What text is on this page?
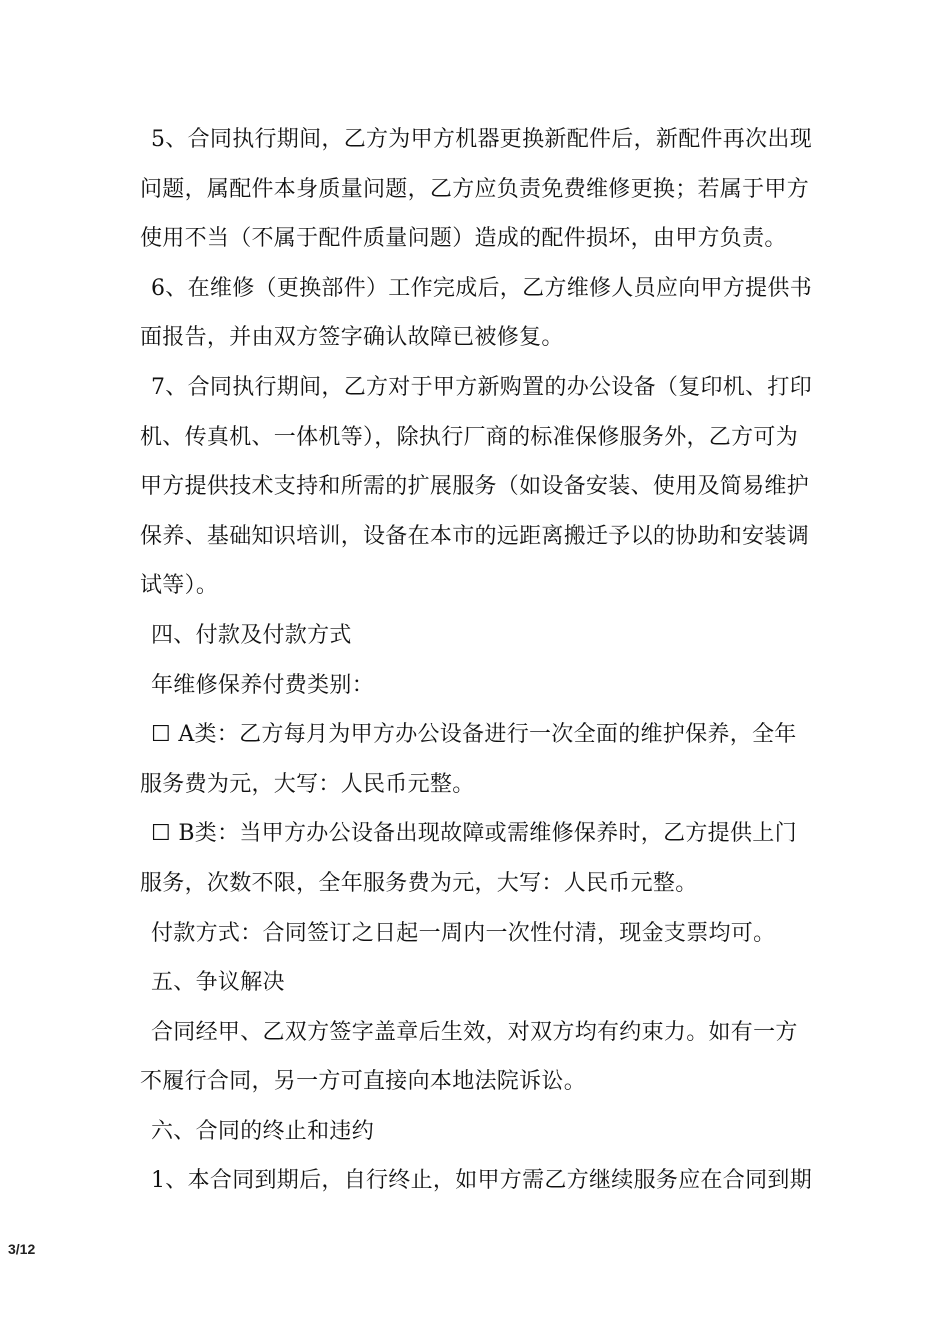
5、合同执行期间，乙方为甲方机器更换新配件后，新配件再次出现
问题，属配件本身质量问题，乙方应负责免费维修更换；若属于甲方
使用不当（不属于配件质量问题）造成的配件损坏，由甲方负责。
6、在维修（更换部件）工作完成后，乙方维修人员应向甲方提供书
面报告，并由双方签字确认故障已被修复。
7、合同执行期间，乙方对于甲方新购置的办公设备（复印机、打印
机、传真机、一体机等），除执行厂商的标准保修服务外，乙方可为
甲方提供技术支持和所需的扩展服务（如设备安装、使用及简易维护
保养、基础知识培训，设备在本市的远距离搬迁予以的协助和安装调
试等）。
四、付款及付款方式
年维修保养付费类别：
☐ A类：乙方每月为甲方办公设备进行一次全面的维护保养，全年
服务费为元，大写：人民币元整。
☐ B类：当甲方办公设备出现故障或需维修保养时，乙方提供上门
服务，次数不限，全年服务费为元，大写：人民币元整。
付款方式：合同签订之日起一周内一次性付清，现金支票均可。
五、争议解决
合同经甲、乙双方签字盖章后生效，对双方均有约束力。如有一方
不履行合同，另一方可直接向本地法院诉讼。
六、合同的终止和违约
1、本合同到期后，自行终止，如甲方需乙方继续服务应在合同到期
3/12
